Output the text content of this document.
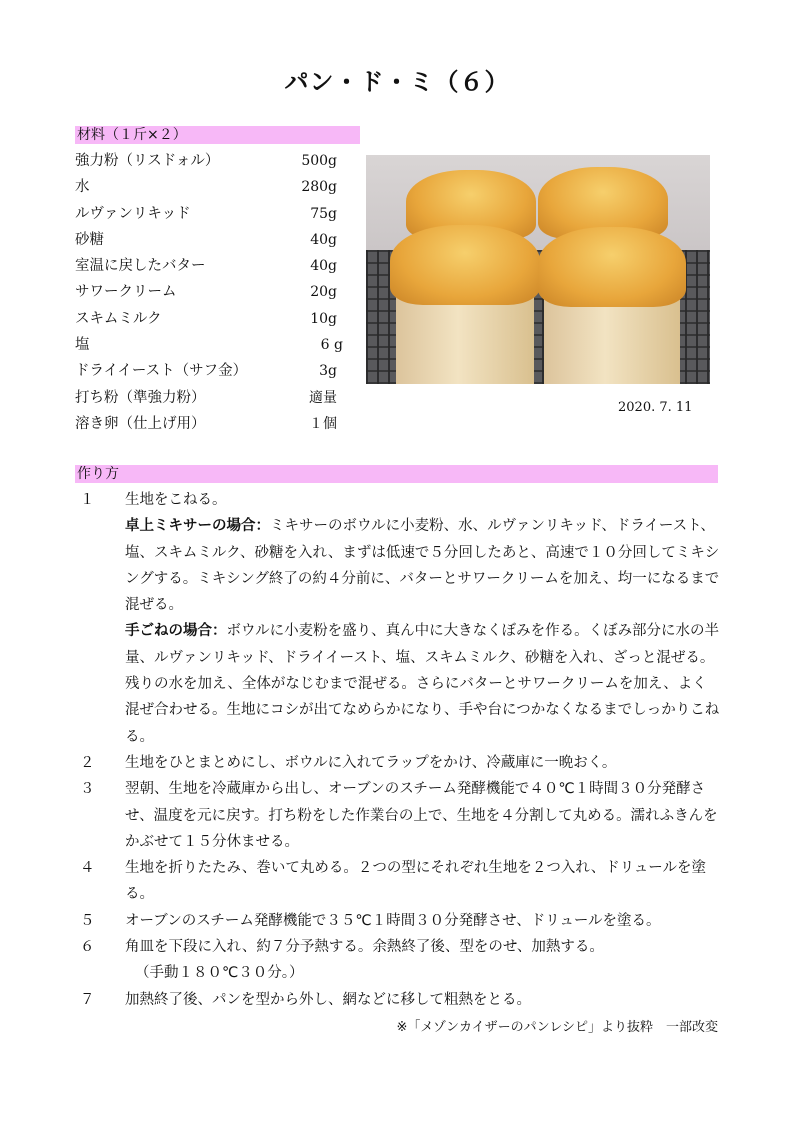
パン・ド・ミ（６）
材料（１斤×２）
強力粉（リスドォル）	500g
水	280g
ルヴァンリキッド	75g
砂糖	40g
室温に戻したバター	40g
サワークリーム	20g
スキムミルク	10g
塩	6 g
ドライイースト（サフ金）	3g
打ち粉（準強力粉）	適量
溶き卵（仕上げ用）	１個
2020. 7. 11
作り方
１ 生地をこねる。

卓上ミキサーの場合：ミキサーのボウルに小麦粉、水、ルヴァンリキッド、ドライースト、塩、スキムミルク、砂糖を入れ、まずは低速で５分回したあと、高速で１０分回してミキシングする。ミキシング終了の約４分前に、バターとサワークリームを加え、均一になるまで混ぜる。

手ごねの場合：ボウルに小麦粉を盛り、真ん中に大きなくぼみを作る。くぼみ部分に水の半量、ルヴァンリキッド、ドライイースト、塩、スキムミルク、砂糖を入れ、ざっと混ぜる。残りの水を加え、全体がなじむまで混ぜる。さらにバターとサワークリームを加え、よく混ぜ合わせる。生地にコシが出てなめらかになり、手や台につかなくなるまでしっかりこねる。

２ 生地をひとまとめにし、ボウルに入れてラップをかけ、冷蔵庫に一晩おく。

３ 翌朝、生地を冷蔵庫から出し、オーブンのスチーム発酵機能で４０℃１時間３０分発酵させ、温度を元に戻す。打ち粉をした作業台の上で、生地を４分割して丸める。濡れふきんをかぶせて１５分休ませる。

４ 生地を折りたたみ、巻いて丸める。２つの型にそれぞれ生地を２つ入れ、ドリュールを塗る。

５ オーブンのスチーム発酵機能で３５℃１時間３０分発酵させ、ドリュールを塗る。

６ 角皿を下段に入れ、約７分予熱する。余熱終了後、型をのせ、加熱する。

（手動１８０℃３０分。）

７ 加熱終了後、パンを型から外し、網などに移して粗熱をとる。

※「メゾンカイザーのパンレシピ」より抜粋　一部改変
